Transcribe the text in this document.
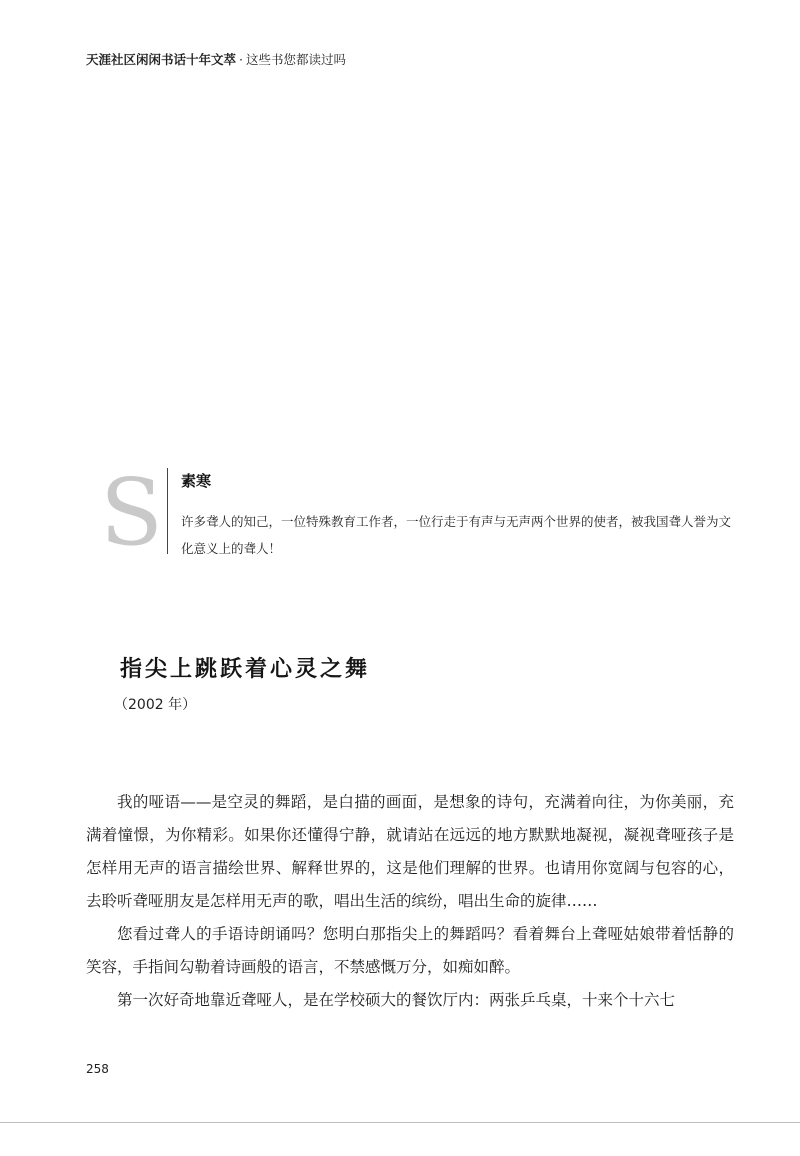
天涯社区闲闲书话十年文萃 · 这些书您都读过吗
S 素寒
许多聋人的知己，一位特殊教育工作者，一位行走于有声与无声两个世界的使者，被我国聋人誉为文化意义上的聋人！
指尖上跳跃着心灵之舞
（2002 年）

我的哑语——是空灵的舞蹈，是白描的画面，是想象的诗句，充满着向往，为你美丽，充满着憧憬，为你精彩。如果你还懂得宁静，就请站在远远的地方默默地凝视，凝视聋哑孩子是怎样用无声的语言描绘世界、解释世界的，这是他们理解的世界。也请用你宽阔与包容的心，去聆听聋哑朋友是怎样用无声的歌，唱出生活的缤纷，唱出生命的旋律……

您看过聋人的手语诗朗诵吗？您明白那指尖上的舞蹈吗？看着舞台上聋哑姑娘带着恬静的笑容，手指间勾勒着诗画般的语言，不禁感慨万分，如痴如醉。

第一次好奇地靠近聋哑人，是在学校硕大的餐饮厅内：两张乒乓桌，十来个十六七

258
